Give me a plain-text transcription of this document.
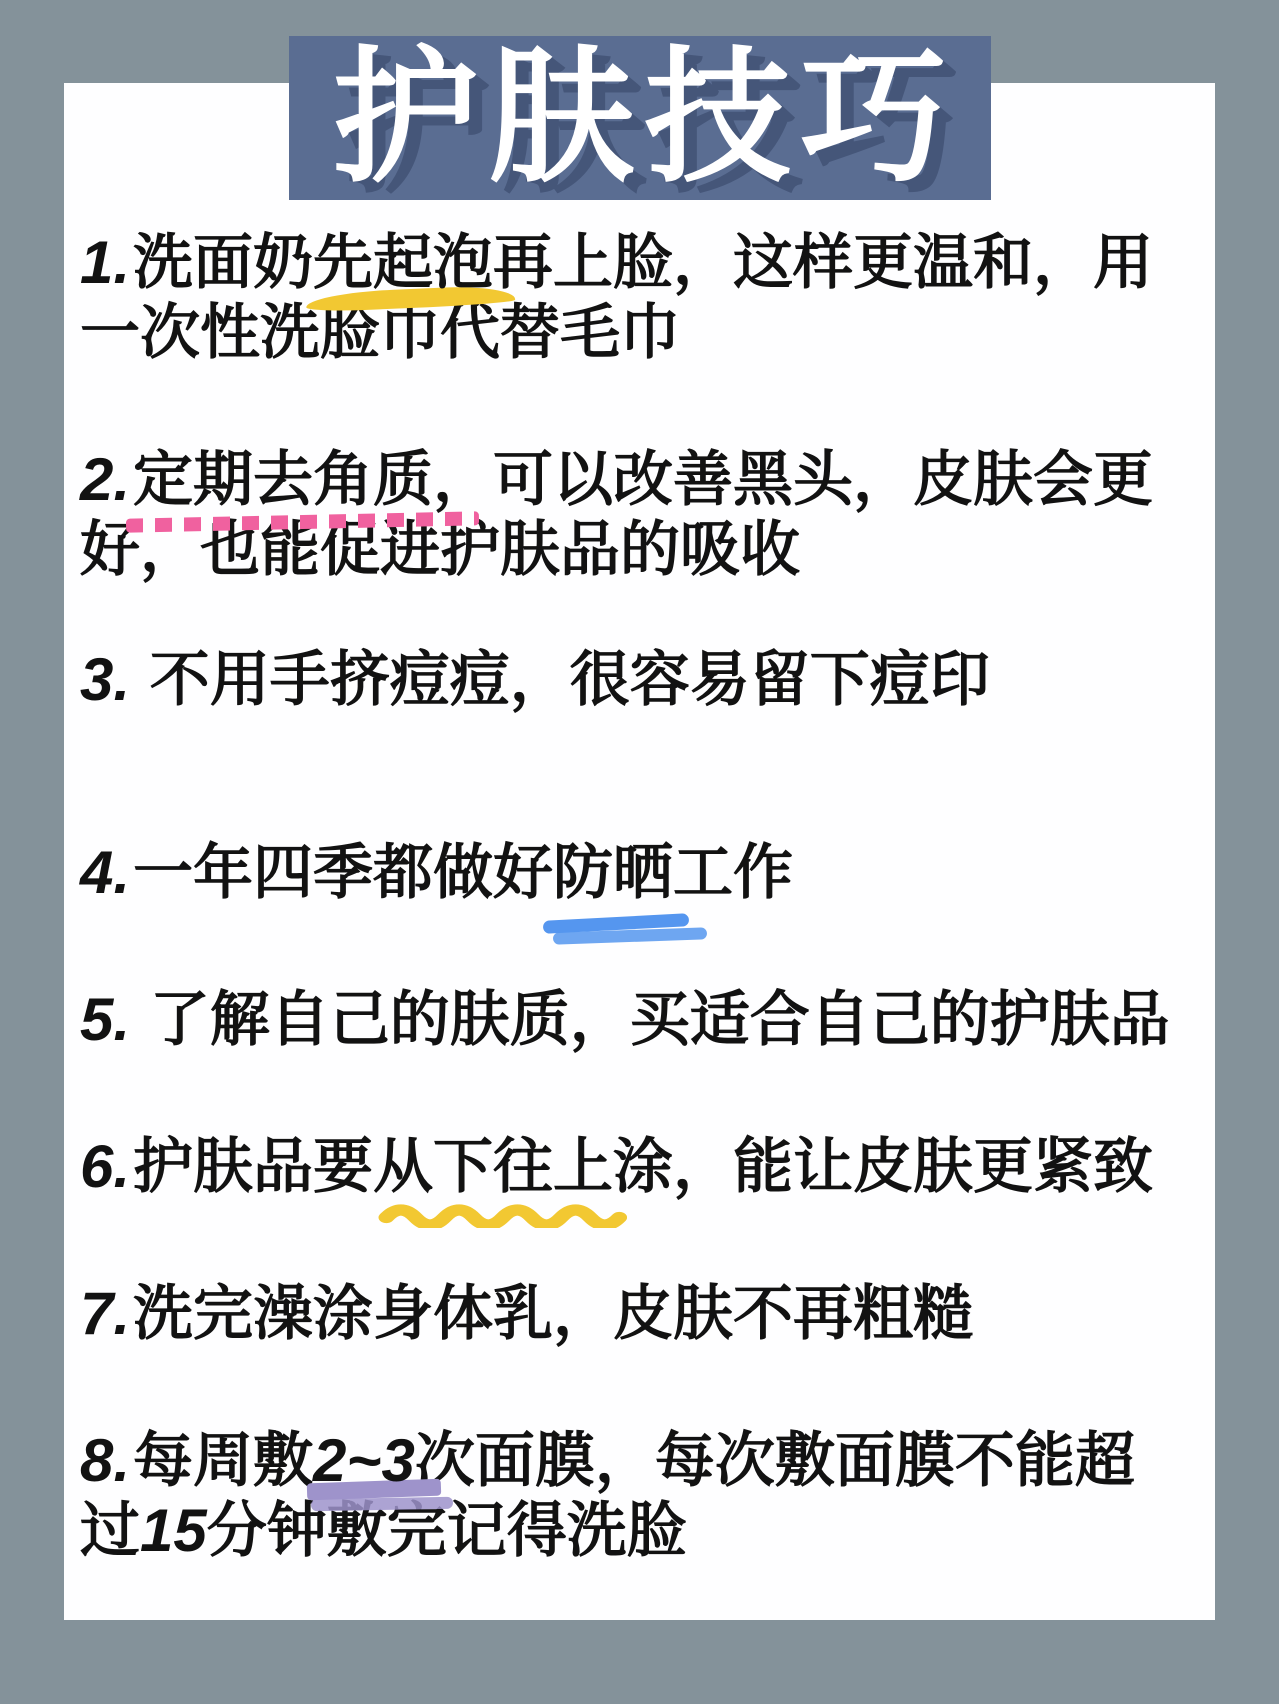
护肤技巧
1.洗面奶先起泡再上脸，这样更温和，用一次性洗脸巾代替毛巾
2.定期去角质，可以改善黑头，皮肤会更好，也能促进护肤品的吸收
3. 不用手挤痘痘，很容易留下痘印
4.一年四季都做好防晒工作
5. 了解自己的肤质，买适合自己的护肤品
6.护肤品要从下往上
涂，能让皮肤更紧致
7.洗完澡涂身体乳，皮肤不再粗糙
8.每周敷2~3次面膜，每次敷面膜不能超过15分钟敷完记得洗脸
